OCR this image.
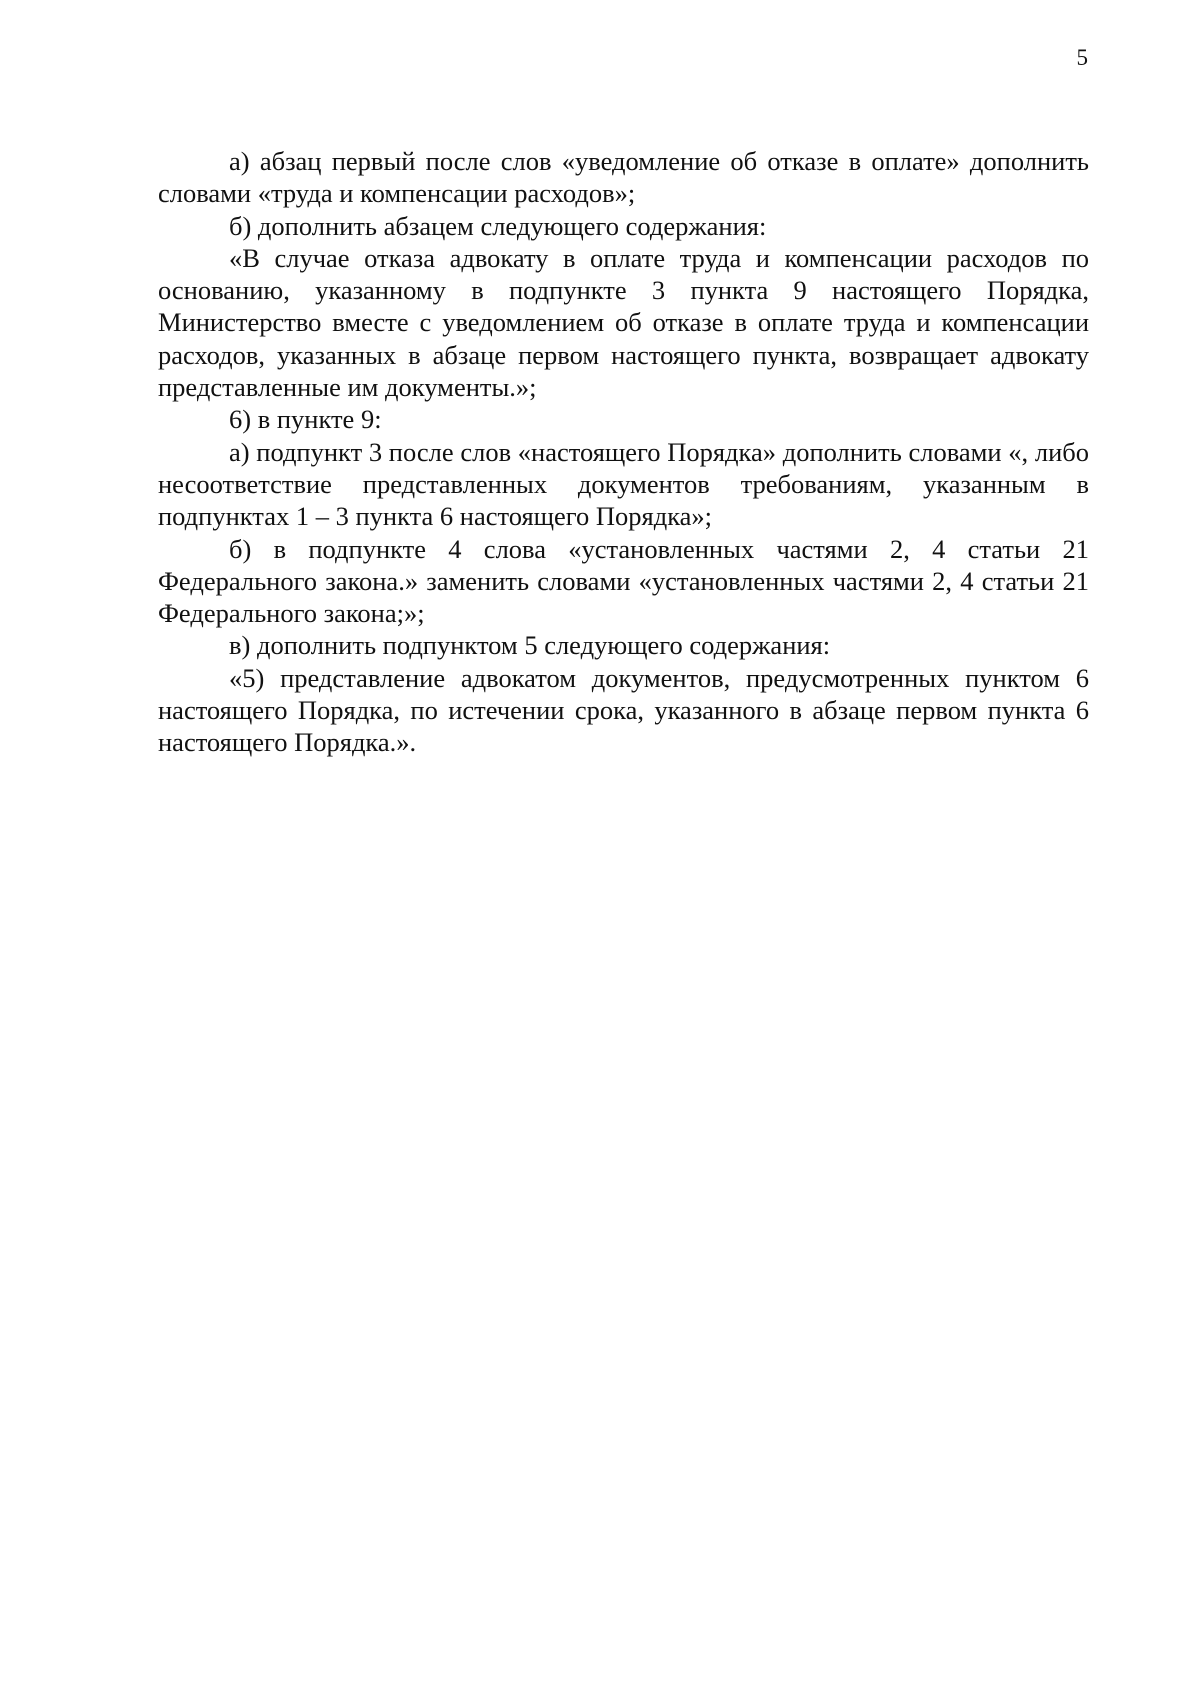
5

а) абзац первый после слов «уведомление об отказе в оплате» дополнить словами «труда и компенсации расходов»;

б) дополнить абзацем следующего содержания:

«В случае отказа адвокату в оплате труда и компенсации расходов по основанию, указанному в подпункте 3 пункта 9 настоящего Порядка, Министерство вместе с уведомлением об отказе в оплате труда и компенсации расходов, указанных в абзаце первом настоящего пункта, возвращает адвокату представленные им документы.»;

6) в пункте 9:

а) подпункт 3 после слов «настоящего Порядка» дополнить словами «, либо несоответствие представленных документов требованиям, указанным в подпунктах 1 – 3 пункта 6 настоящего Порядка»;

б) в подпункте 4 слова «установленных частями 2, 4 статьи 21 Федерального закона.» заменить словами «установленных частями 2, 4 статьи 21 Федерального закона;»;

в) дополнить подпунктом 5 следующего содержания:

«5) представление адвокатом документов, предусмотренных пунктом 6 настоящего Порядка, по истечении срока, указанного в абзаце первом пункта 6 настоящего Порядка.».
